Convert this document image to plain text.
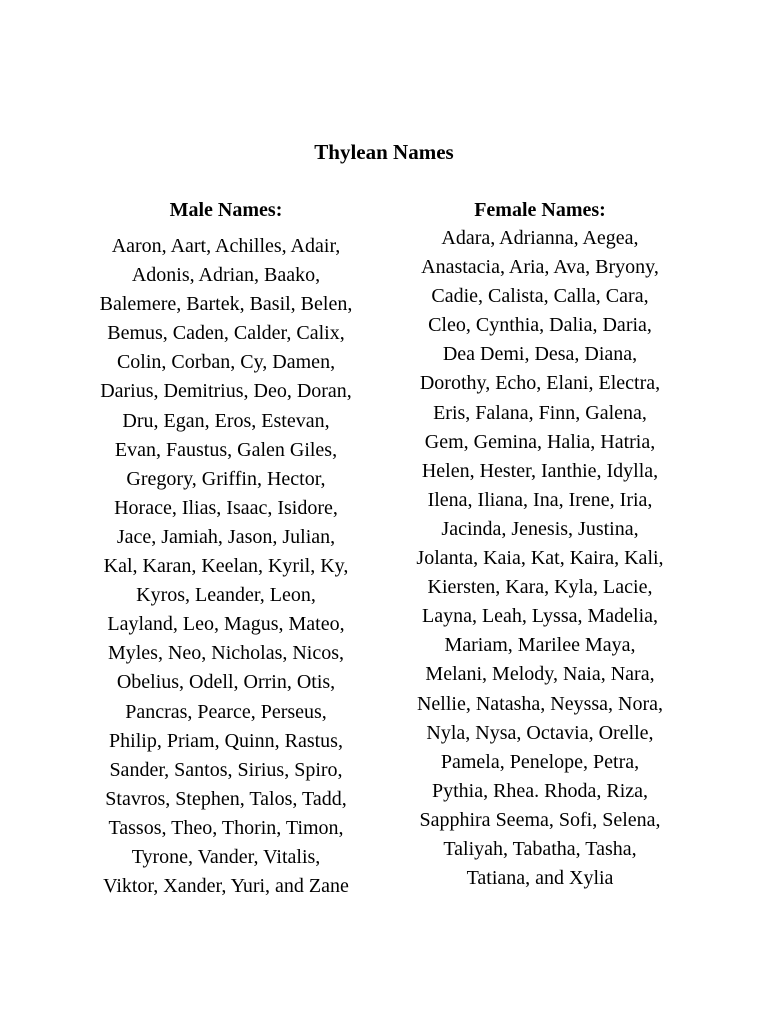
Thylean Names
Male Names:
Aaron, Aart, Achilles, Adair,
Adonis, Adrian, Baako,
Balemere, Bartek, Basil, Belen,
Bemus, Caden, Calder, Calix,
Colin, Corban, Cy, Damen,
Darius, Demitrius, Deo, Doran,
Dru, Egan, Eros, Estevan,
Evan, Faustus, Galen Giles,
Gregory, Griffin, Hector,
Horace, Ilias, Isaac, Isidore,
Jace, Jamiah, Jason, Julian,
Kal, Karan, Keelan, Kyril, Ky,
Kyros, Leander, Leon,
Layland, Leo, Magus, Mateo,
Myles, Neo, Nicholas, Nicos,
Obelius, Odell, Orrin, Otis,
Pancras, Pearce, Perseus,
Philip, Priam, Quinn, Rastus,
Sander, Santos, Sirius, Spiro,
Stavros, Stephen, Talos, Tadd,
Tassos, Theo, Thorin, Timon,
Tyrone, Vander, Vitalis,
Viktor, Xander, Yuri, and Zane
Female Names:
Adara, Adrianna, Aegea,
Anastacia, Aria, Ava, Bryony,
Cadie, Calista, Calla, Cara,
Cleo, Cynthia, Dalia, Daria,
Dea Demi, Desa, Diana,
Dorothy, Echo, Elani, Electra,
Eris, Falana, Finn, Galena,
Gem, Gemina, Halia, Hatria,
Helen, Hester, Ianthie, Idylla,
Ilena, Iliana, Ina, Irene, Iria,
Jacinda, Jenesis, Justina,
Jolanta, Kaia, Kat, Kaira, Kali,
Kiersten, Kara, Kyla, Lacie,
Layna, Leah, Lyssa, Madelia,
Mariam, Marilee Maya,
Melani, Melody, Naia, Nara,
Nellie, Natasha, Neyssa, Nora,
Nyla, Nysa, Octavia, Orelle,
Pamela, Penelope, Petra,
Pythia, Rhea. Rhoda, Riza,
Sapphira Seema, Sofi, Selena,
Taliyah, Tabatha, Tasha,
Tatiana, and Xylia
